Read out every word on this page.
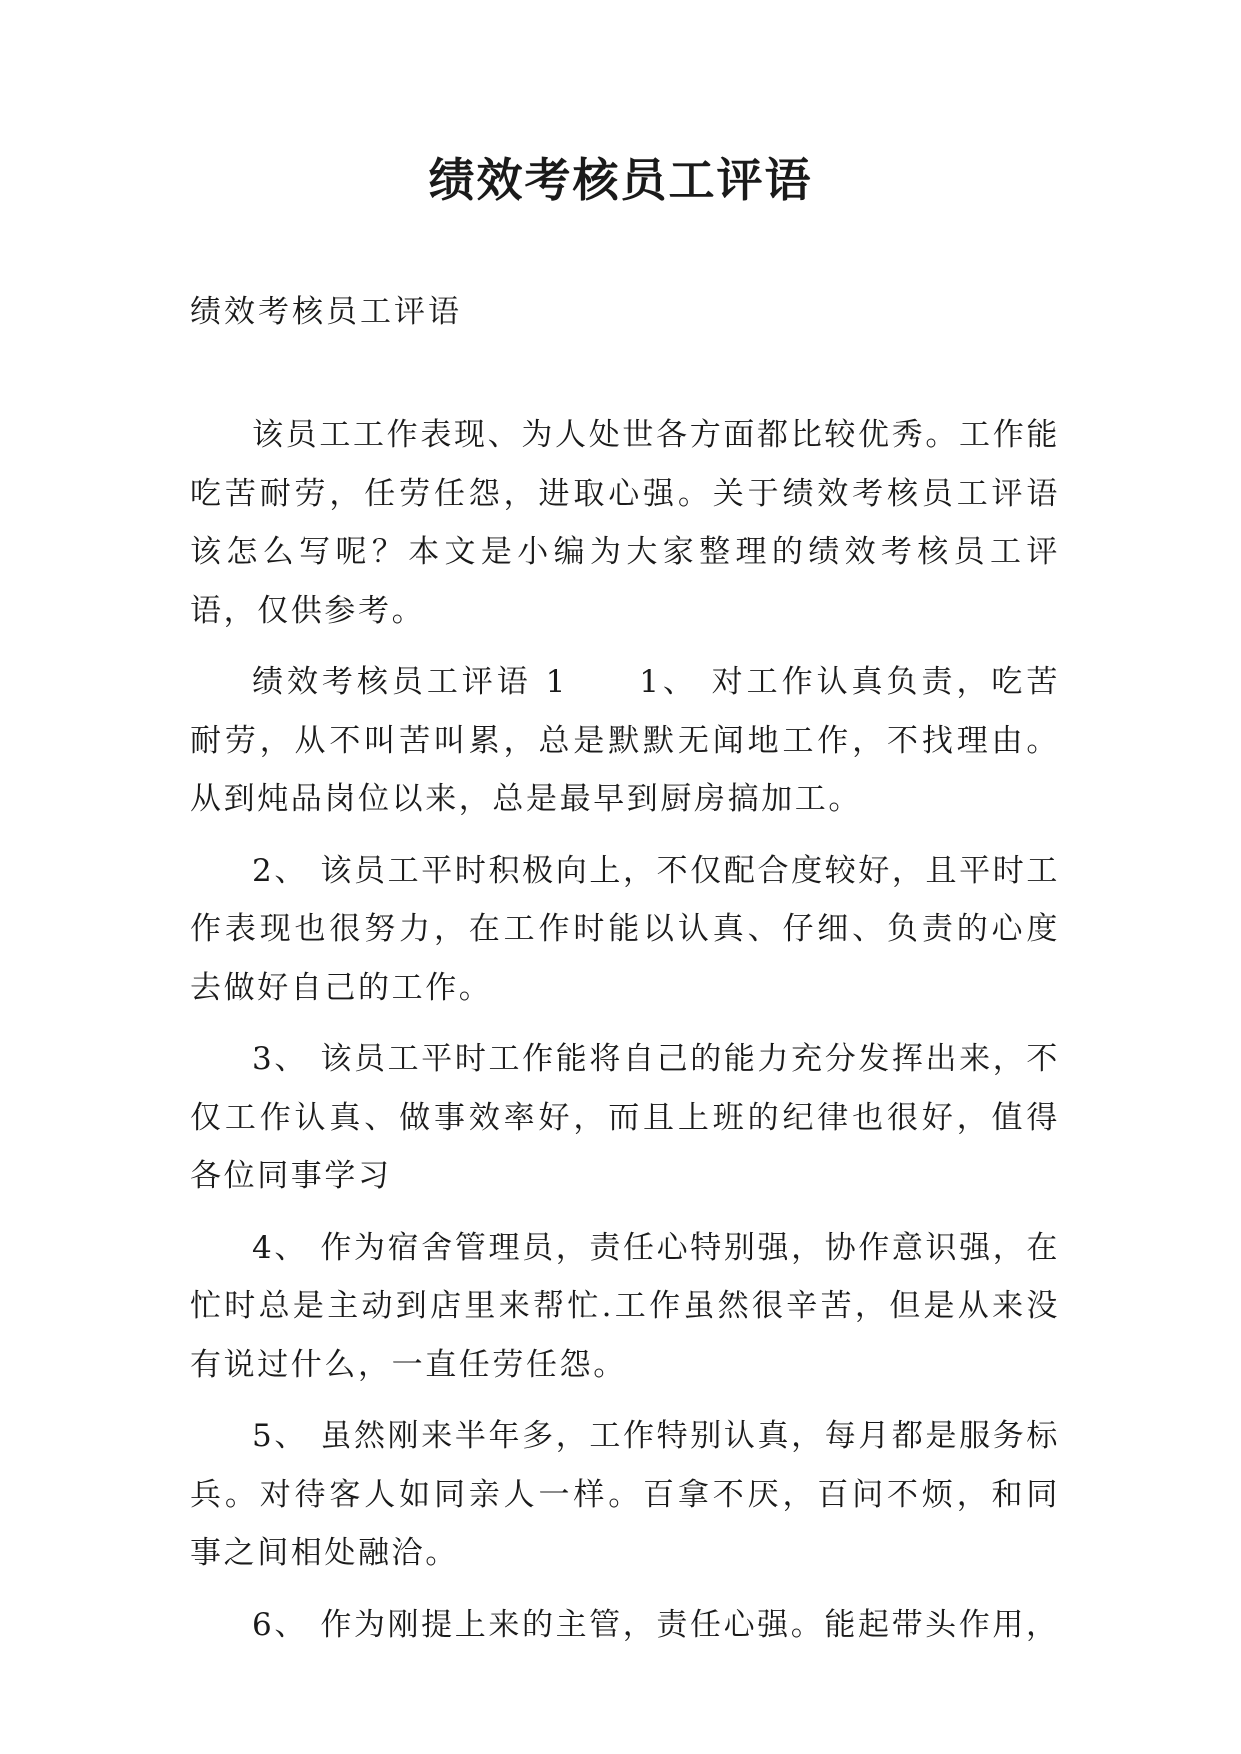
绩效考核员工评语

绩效考核员工评语

该员工工作表现、为人处世各方面都比较优秀。工作能吃苦耐劳，任劳任怨，进取心强。关于绩效考核员工评语该怎么写呢？本文是小编为大家整理的绩效考核员工评语，仅供参考。

绩效考核员工评语 1　　1、 对工作认真负责，吃苦耐劳，从不叫苦叫累，总是默默无闻地工作，不找理由。从到炖品岗位以来，总是最早到厨房搞加工。

2、 该员工平时积极向上，不仅配合度较好，且平时工作表现也很努力，在工作时能以认真、仔细、负责的心度去做好自己的工作。

3、 该员工平时工作能将自己的能力充分发挥出来，不仅工作认真、做事效率好，而且上班的纪律也很好，值得各位同事学习

4、 作为宿舍管理员，责任心特别强，协作意识强，在忙时总是主动到店里来帮忙.工作虽然很辛苦，但是从来没有说过什么，一直任劳任怨。

5、 虽然刚来半年多，工作特别认真，每月都是服务标兵。对待客人如同亲人一样。百拿不厌，百问不烦，和同事之间相处融洽。

6、 作为刚提上来的主管，责任心强。能起带头作用，
